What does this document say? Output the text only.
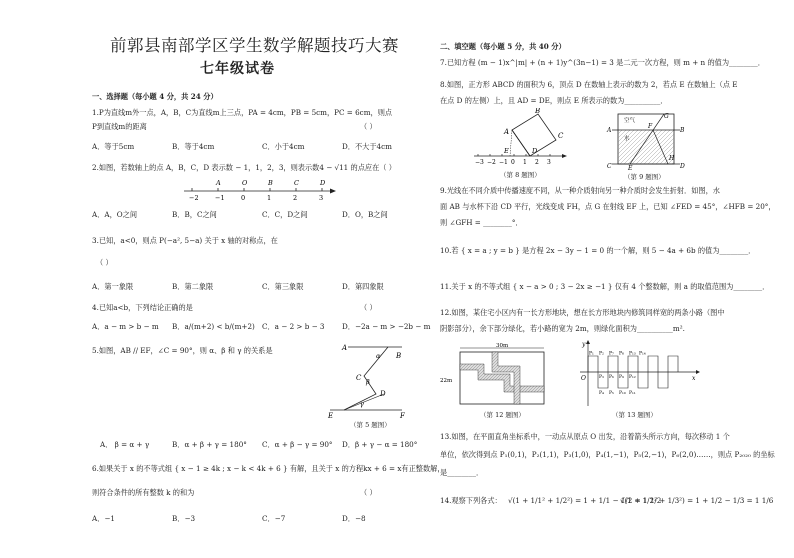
前郭县南部学区学生数学解题技巧大赛
七年级试卷
一、选择题（每小题 4 分，共 24 分）
1.P为直线m外一点，A，B，C为直线m上三点，PA = 4cm，PB = 5cm，PC = 6cm，则点
P到直线m的距离	（ ）
A．等于5cm	B．等于4cm	C．小于4cm	D．不大于4cm
2.如图，若数轴上的点 A，B，C，D 表示数 − 1，1，2，3，则表示数4 − √11 的点应在（ ）
−2	−1	0	1	2	3
A	O	B	C	D
A．A，O之间	B．B，C之间	C．C，D之间	D．O，B之间
3.已知，a<0，则点 P(−a², 5−a) 关于 x 轴的对称点，在
（ ）
A．第一象限	B．第二象限	C．第三象限	D．第四象限
4.已知a<b，下列结论正确的是	（ ）
A．a − m > b − m B．a/(m+2) < b/(m+2) C．a − 2 > b − 3 D．−2a − m > −2b − m
5.如图，AB // EF，∠C = 90°，则 α、β 和 γ 的关系是	A
B
C
D
E	F
α
β
γ
（第 5 题图）
A． β = α + γ	B．α + β + γ = 180° C．α + β − γ = 90° D．β + γ − α = 180°
6.如果关于 x 的不等式组 { x − 1 ≥ 4k ; x − k < 4k + 6 } 有解，且关于 x 的方程kx + 6 = x有正整数解，
则符合条件的所有整数 k 的和为	（ ）
A．−1	B．−3	C．−7	D．−8
二、填空题（每小题 5 分，共 40 分）
7.已知方程 (m − 1)x^|m| + (n + 1)y^(3n−1) = 3 是二元一次方程，则 m + n 的值为________．
8.如图，正方形 ABCD 的面积为 6，顶点 D 在数轴上表示的数为 2，若点 E 在数轴上（点 E
在点 D 的左侧）上，且 AD = DE，则点 E 所表示的数为__________．
−3 −2 −1 0 1 2 3
A
B
C
D
E
（第 8 题图）
空气
水
A	B
C	D
E
F
G
H
（第 9 题图）
9.光线在不同介质中传播速度不同，从一种介质射向另一种介质时会发生折射．如图，水
面 AB 与水杯下沿 CD 平行，光线变成 FH，点 G 在射线 EF 上，已知 ∠FED = 45°，∠HFB = 20°，
则 ∠GFH = ________°．
10.若 { x = a ; y = b } 是方程 2x − 3y − 1 = 0 的一个解，则 5 − 4a + 6b 的值为________．
11.关于 x 的不等式组 { x − a > 0 ; 3 − 2x ≥ −1 } 仅有 4 个整数解，则 a 的取值范围为________．
12.如图，某住宅小区内有一长方形地块，想在长方形地块内修筑同样宽的两条小路（图中
阴影部分），余下部分绿化，若小路的宽为 2m，则绿化面积为__________m².
30m
22m
（第 12 题图）
y
x
O
P₁ P₂
P₃
P₄ P₅
P₆
P₇ P₈
P₉
P₁₀ P₁₁
P₁₂
P₁₃ P₁₄
（第 13 题图）
13.如图，在平面直角坐标系中，一动点从原点 O 出发，沿着箭头所示方向，每次移动 1 个
单位，依次得到点 P₁(0,1)，P₂(1,1)，P₃(1,0)，P₄(1,−1)，P₅(2,−1)，P₆(2,0)……，则点 P₂₀₂₀ 的坐标
是________．
14.观察下列各式： √(1 + 1/1² + 1/2²) = 1 + 1/1 − 1/2 = 1 1/2
√(1 + 1/2² + 1/3²) = 1 + 1/2 − 1/3 = 1 1/6
